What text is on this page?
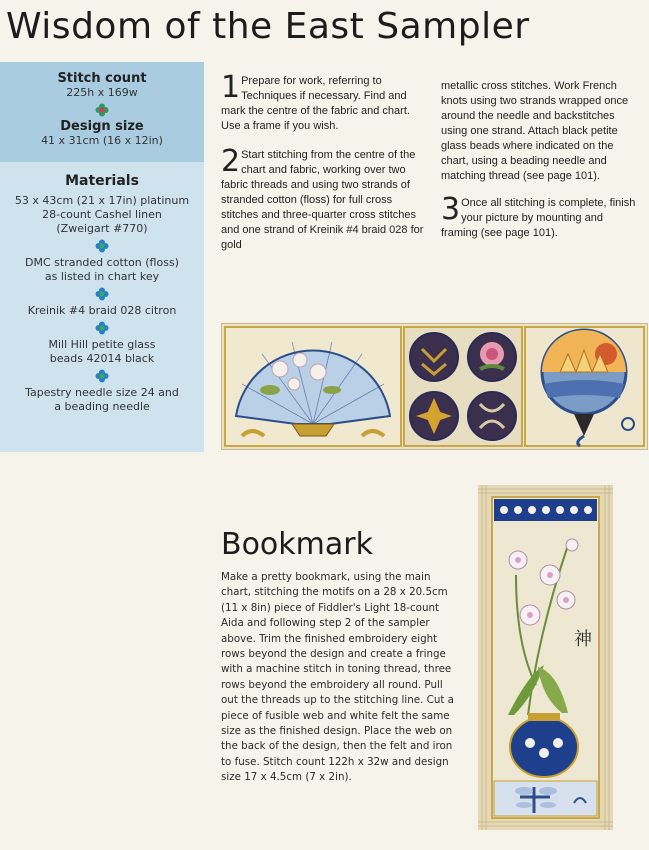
Wisdom of the East Sampler
Stitch count
225h x 169w
Design size
41 x 31cm (16 x 12in)
Materials
53 x 43cm (21 x 17in) platinum 28-count Cashel linen (Zweigart #770)
DMC stranded cotton (floss) as listed in chart key
Kreinik #4 braid 028 citron
Mill Hill petite glass beads 42014 black
Tapestry needle size 24 and a beading needle
1 Prepare for work, referring to Techniques if necessary. Find and mark the centre of the fabric and chart. Use a frame if you wish.
2 Start stitching from the centre of the chart and fabric, working over two fabric threads and using two strands of stranded cotton (floss) for full cross stitches and three-quarter cross stitches and one strand of Kreinik #4 braid 028 for gold
metallic cross stitches. Work French knots using two strands wrapped once around the needle and backstitches using one strand. Attach black petite glass beads where indicated on the chart, using a beading needle and matching thread (see page 101).
3 Once all stitching is complete, finish your picture by mounting and framing (see page 101).
Bookmark
Make a pretty bookmark, using the main chart, stitching the motifs on a 28 x 20.5cm (11 x 8in) piece of Fiddler's Light 18-count Aida and following step 2 of the sampler above. Trim the finished embroidery eight rows beyond the design and create a fringe with a machine stitch in toning thread, three rows beyond the embroidery all round. Pull out the threads up to the stitching line. Cut a piece of fusible web and white felt the same size as the finished design. Place the web on the back of the design, then the felt and iron to fuse. Stitch count 122h x 32w and design size 17 x 4.5cm (7 x 2in).
神
